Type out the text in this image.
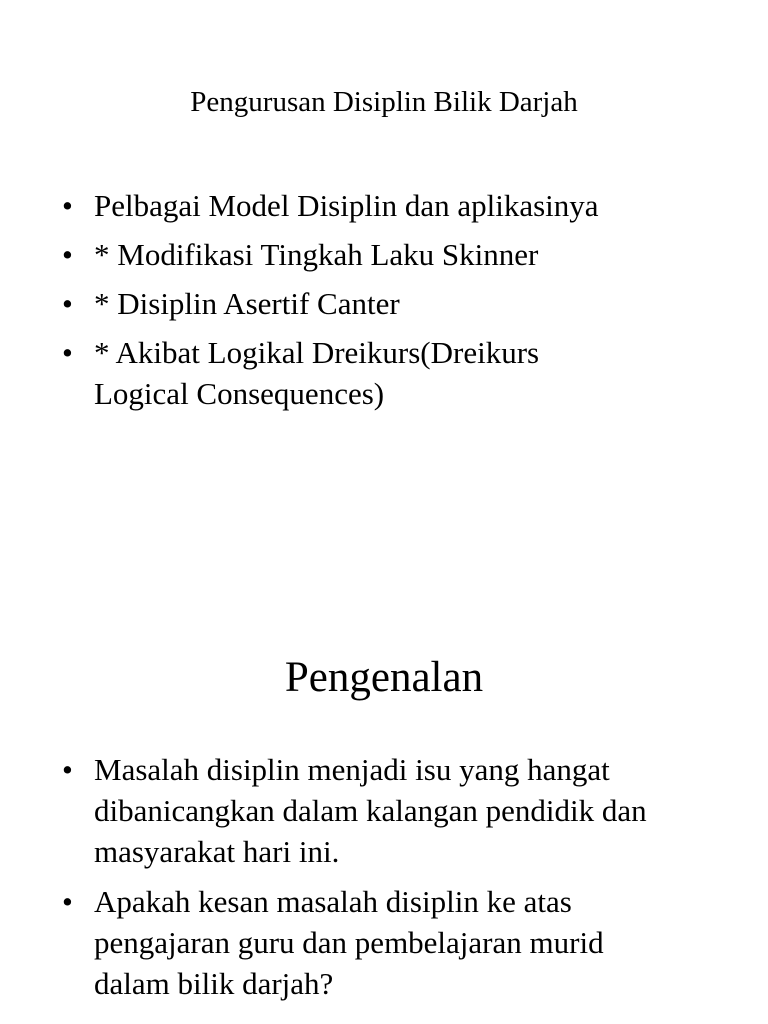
Pengurusan Disiplin Bilik Darjah
• Pelbagai Model Disiplin dan aplikasinya
• * Modifikasi Tingkah Laku Skinner
• * Disiplin Asertif Canter
• * Akibat Logikal Dreikurs(Dreikurs Logical Consequences)
Pengenalan
• Masalah disiplin menjadi isu yang hangat dibanicangkan dalam kalangan pendidik dan masyarakat hari ini.
• Apakah kesan masalah disiplin ke atas pengajaran guru dan pembelajaran murid dalam bilik darjah?
